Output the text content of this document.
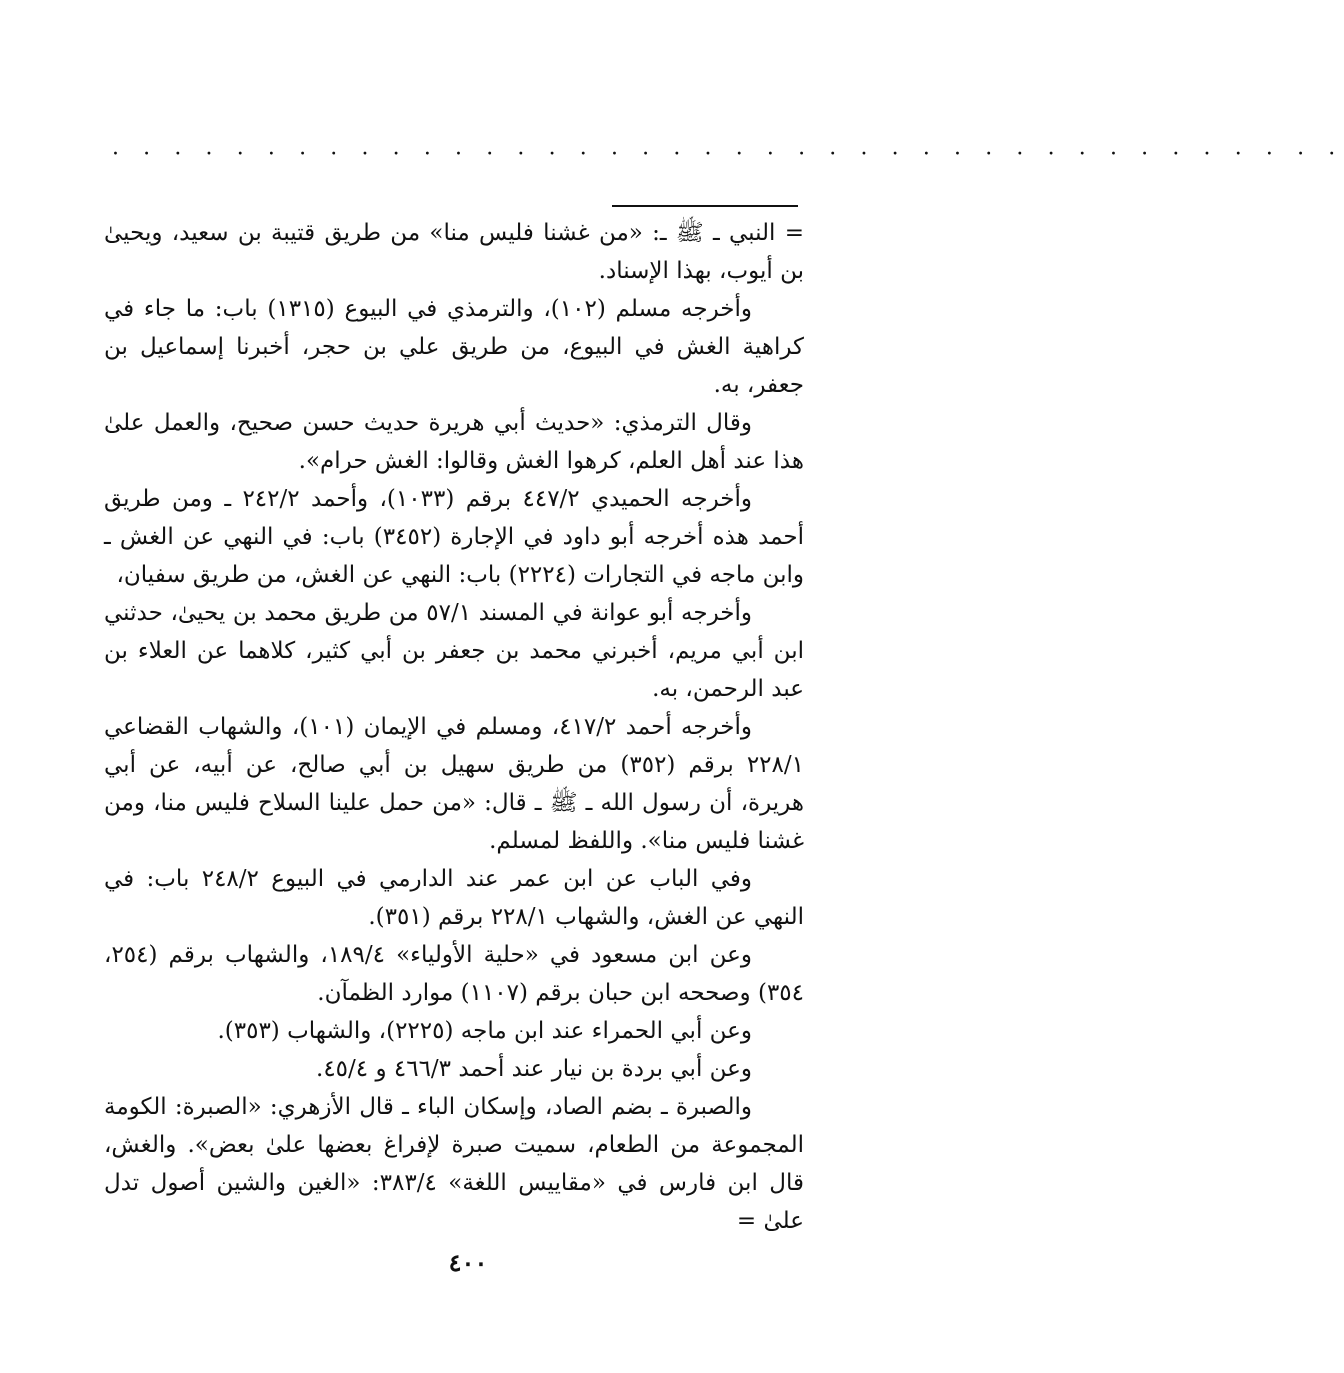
· · · · · · · · · · · · · · · · · · · · · · · · · · · · · · · · · · · · · · · ·

= النبي ـ ﷺ ـ: «من غشنا فليس منا» من طريق قتيبة بن سعيد، ويحيىٰ بن أيوب، بهذا الإسناد.

وأخرجه مسلم (١٠٢)، والترمذي في البيوع (١٣١٥) باب: ما جاء في كراهية الغش في البيوع، من طريق علي بن حجر، أخبرنا إسماعيل بن جعفر، به.

وقال الترمذي: «حديث أبي هريرة حديث حسن صحيح، والعمل علىٰ هذا عند أهل العلم، كرهوا الغش وقالوا: الغش حرام».

وأخرجه الحميدي ٤٤٧/٢ برقم (١٠٣٣)، وأحمد ٢٤٢/٢ ـ ومن طريق أحمد هذه أخرجه أبو داود في الإجارة (٣٤٥٢) باب: في النهي عن الغش ـ وابن ماجه في التجارات (٢٢٢٤) باب: النهي عن الغش، من طريق سفيان،

وأخرجه أبو عوانة في المسند ٥٧/١ من طريق محمد بن يحيىٰ، حدثني ابن أبي مريم، أخبرني محمد بن جعفر بن أبي كثير، كلاهما عن العلاء بن عبد الرحمن، به.

وأخرجه أحمد ٤١٧/٢، ومسلم في الإيمان (١٠١)، والشهاب القضاعي ٢٢٨/١ برقم (٣٥٢) من طريق سهيل بن أبي صالح، عن أبيه، عن أبي هريرة، أن رسول الله ـ ﷺ ـ قال: «من حمل علينا السلاح فليس منا، ومن غشنا فليس منا». واللفظ لمسلم.

وفي الباب عن ابن عمر عند الدارمي في البيوع ٢٤٨/٢ باب: في النهي عن الغش، والشهاب ٢٢٨/١ برقم (٣٥١).

وعن ابن مسعود في «حلية الأولياء» ١٨٩/٤، والشهاب برقم (٢٥٤، ٣٥٤) وصححه ابن حبان برقم (١١٠٧) موارد الظمآن.

وعن أبي الحمراء عند ابن ماجه (٢٢٢٥)، والشهاب (٣٥٣).

وعن أبي بردة بن نيار عند أحمد ٤٦٦/٣ و ٤٥/٤.

والصبرة ـ بضم الصاد، وإسكان الباء ـ قال الأزهري: «الصبرة: الكومة المجموعة من الطعام، سميت صبرة لإفراغ بعضها علىٰ بعض». والغش، قال ابن فارس في «مقاييس اللغة» ٣٨٣/٤: «الغين والشين أصول تدل علىٰ =

٤٠٠
